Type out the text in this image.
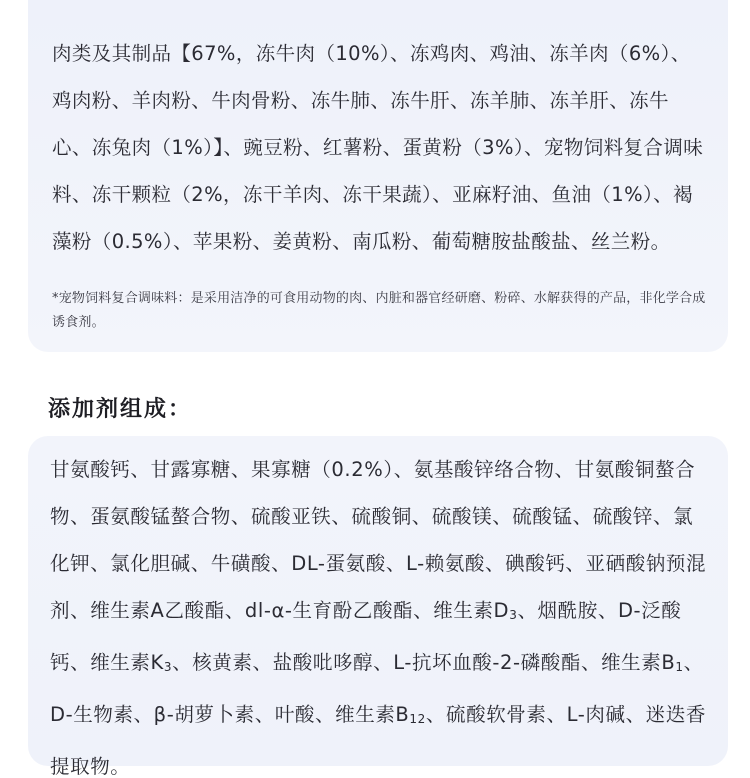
肉类及其制品【67%，冻牛肉（10%）、冻鸡肉、鸡油、冻羊肉（6%）、鸡肉粉、羊肉粉、牛肉骨粉、冻牛肺、冻牛肝、冻羊肺、冻羊肝、冻牛心、冻兔肉（1%）】、豌豆粉、红薯粉、蛋黄粉（3%）、宠物饲料复合调味料、冻干颗粒（2%，冻干羊肉、冻干果蔬）、亚麻籽油、鱼油（1%）、褐藻粉（0.5%）、苹果粉、姜黄粉、南瓜粉、葡萄糖胺盐酸盐、丝兰粉。

*宠物饲料复合调味料：是采用洁净的可食用动物的肉、内脏和器官经研磨、粉碎、水解获得的产品，非化学合成诱食剂。

添加剂组成：

甘氨酸钙、甘露寡糖、果寡糖（0.2%）、氨基酸锌络合物、甘氨酸铜螯合物、蛋氨酸锰螯合物、硫酸亚铁、硫酸铜、硫酸镁、硫酸锰、硫酸锌、氯化钾、氯化胆碱、牛磺酸、DL-蛋氨酸、L-赖氨酸、碘酸钙、亚硒酸钠预混剂、维生素A乙酸酯、dl-α-生育酚乙酸酯、维生素D3、烟酰胺、D-泛酸钙、维生素K3、核黄素、盐酸吡哆醇、L-抗坏血酸-2-磷酸酯、维生素B1、D-生物素、β-胡萝卜素、叶酸、维生素B12、硫酸软骨素、L-肉碱、迷迭香提取物。
